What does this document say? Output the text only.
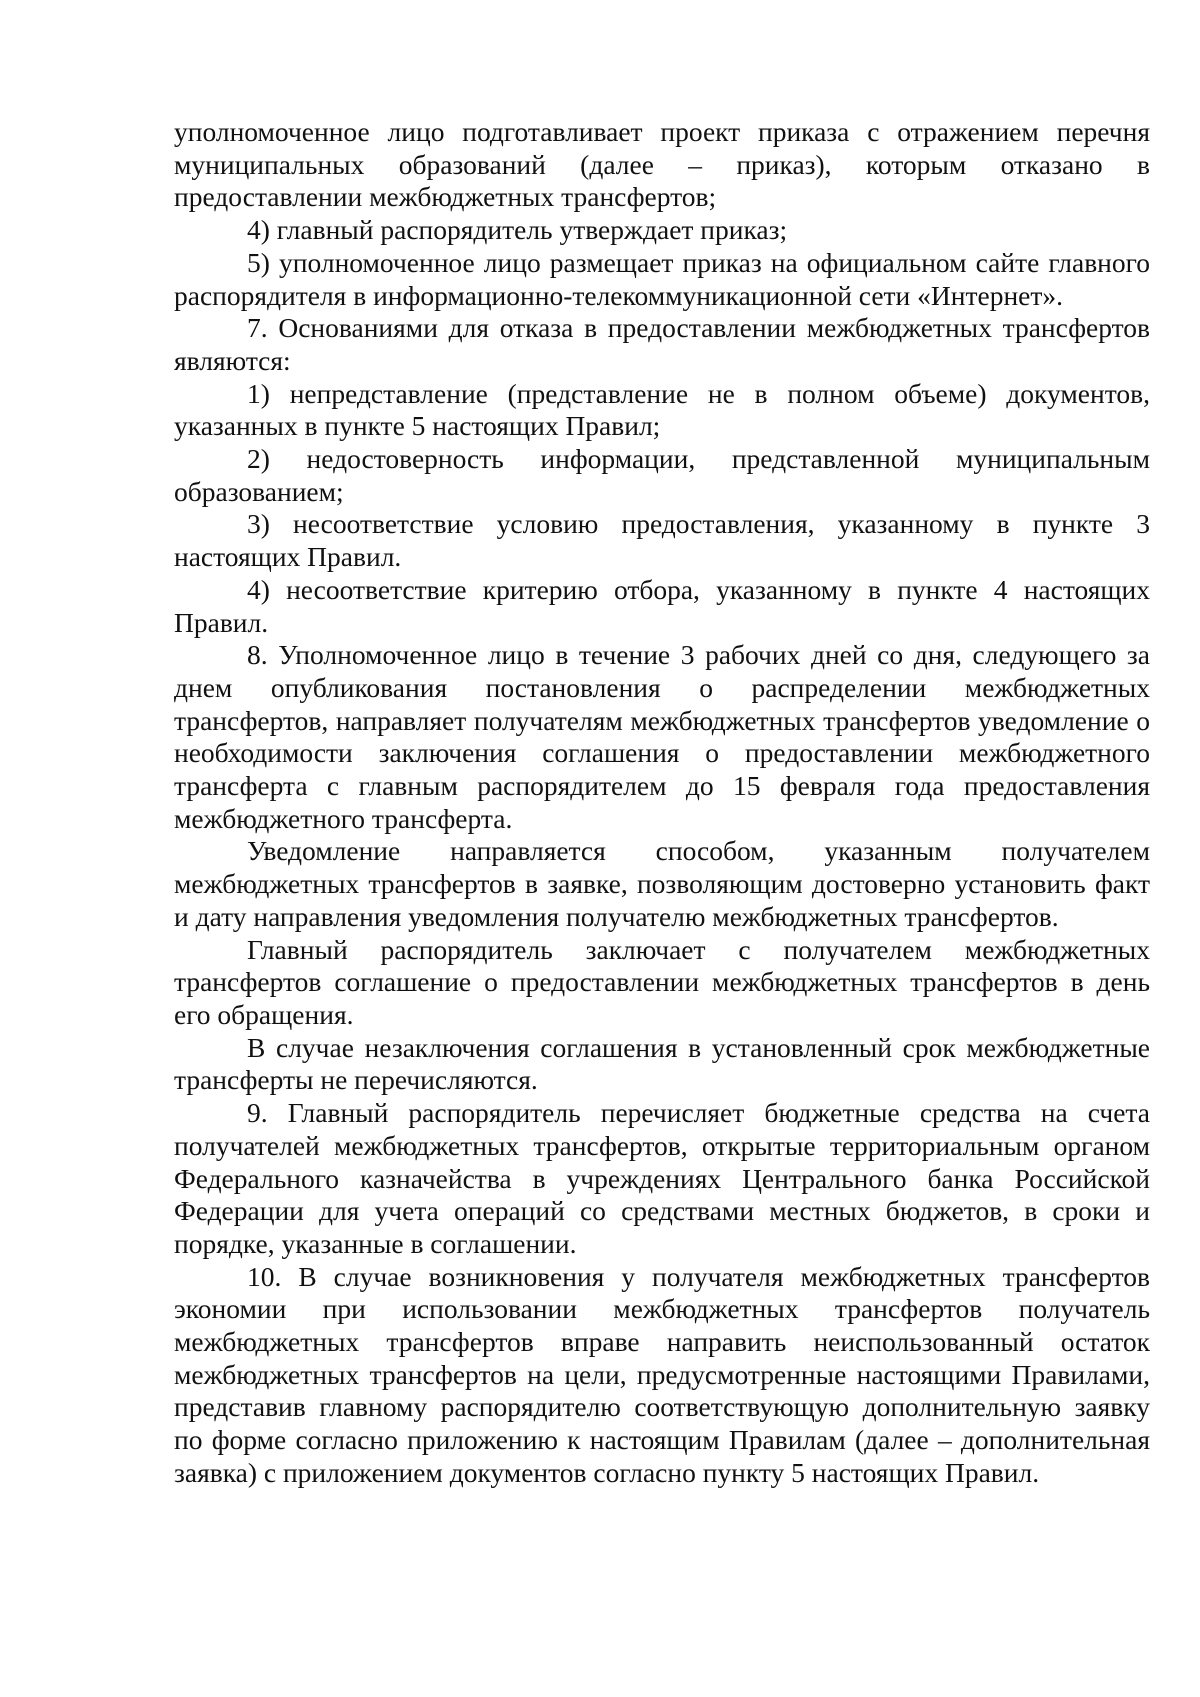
уполномоченное лицо подготавливает проект приказа с отражением перечня муниципальных образований (далее – приказ), которым отказано в предоставлении межбюджетных трансфертов;

4) главный распорядитель утверждает приказ;

5) уполномоченное лицо размещает приказ на официальном сайте главного распорядителя в информационно-телекоммуникационной сети «Интернет».

7. Основаниями для отказа в предоставлении межбюджетных трансфертов являются:

1) непредставление (представление не в полном объеме) документов, указанных в пункте 5 настоящих Правил;

2) недостоверность информации, представленной муниципальным образованием;

3) несоответствие условию предоставления, указанному в пункте 3 настоящих Правил.

4) несоответствие критерию отбора, указанному в пункте 4 настоящих Правил.

8. Уполномоченное лицо в течение 3 рабочих дней со дня, следующего за днем опубликования постановления о распределении межбюджетных трансфертов, направляет получателям межбюджетных трансфертов уведомление о необходимости заключения соглашения о предоставлении межбюджетного трансферта с главным распорядителем до 15 февраля года предоставления межбюджетного трансферта.

Уведомление направляется способом, указанным получателем межбюджетных трансфертов в заявке, позволяющим достоверно установить факт и дату направления уведомления получателю межбюджетных трансфертов.

Главный распорядитель заключает с получателем межбюджетных трансфертов соглашение о предоставлении межбюджетных трансфертов в день его обращения.

В случае незаключения соглашения в установленный срок межбюджетные трансферты не перечисляются.

9. Главный распорядитель перечисляет бюджетные средства на счета получателей межбюджетных трансфертов, открытые территориальным органом Федерального казначейства в учреждениях Центрального банка Российской Федерации для учета операций со средствами местных бюджетов, в сроки и порядке, указанные в соглашении.

10. В случае возникновения у получателя межбюджетных трансфертов экономии при использовании межбюджетных трансфертов получатель межбюджетных трансфертов вправе направить неиспользованный остаток межбюджетных трансфертов на цели, предусмотренные настоящими Правилами, представив главному распорядителю соответствующую дополнительную заявку по форме согласно приложению к настоящим Правилам (далее – дополнительная заявка) с приложением документов согласно пункту 5 настоящих Правил.
